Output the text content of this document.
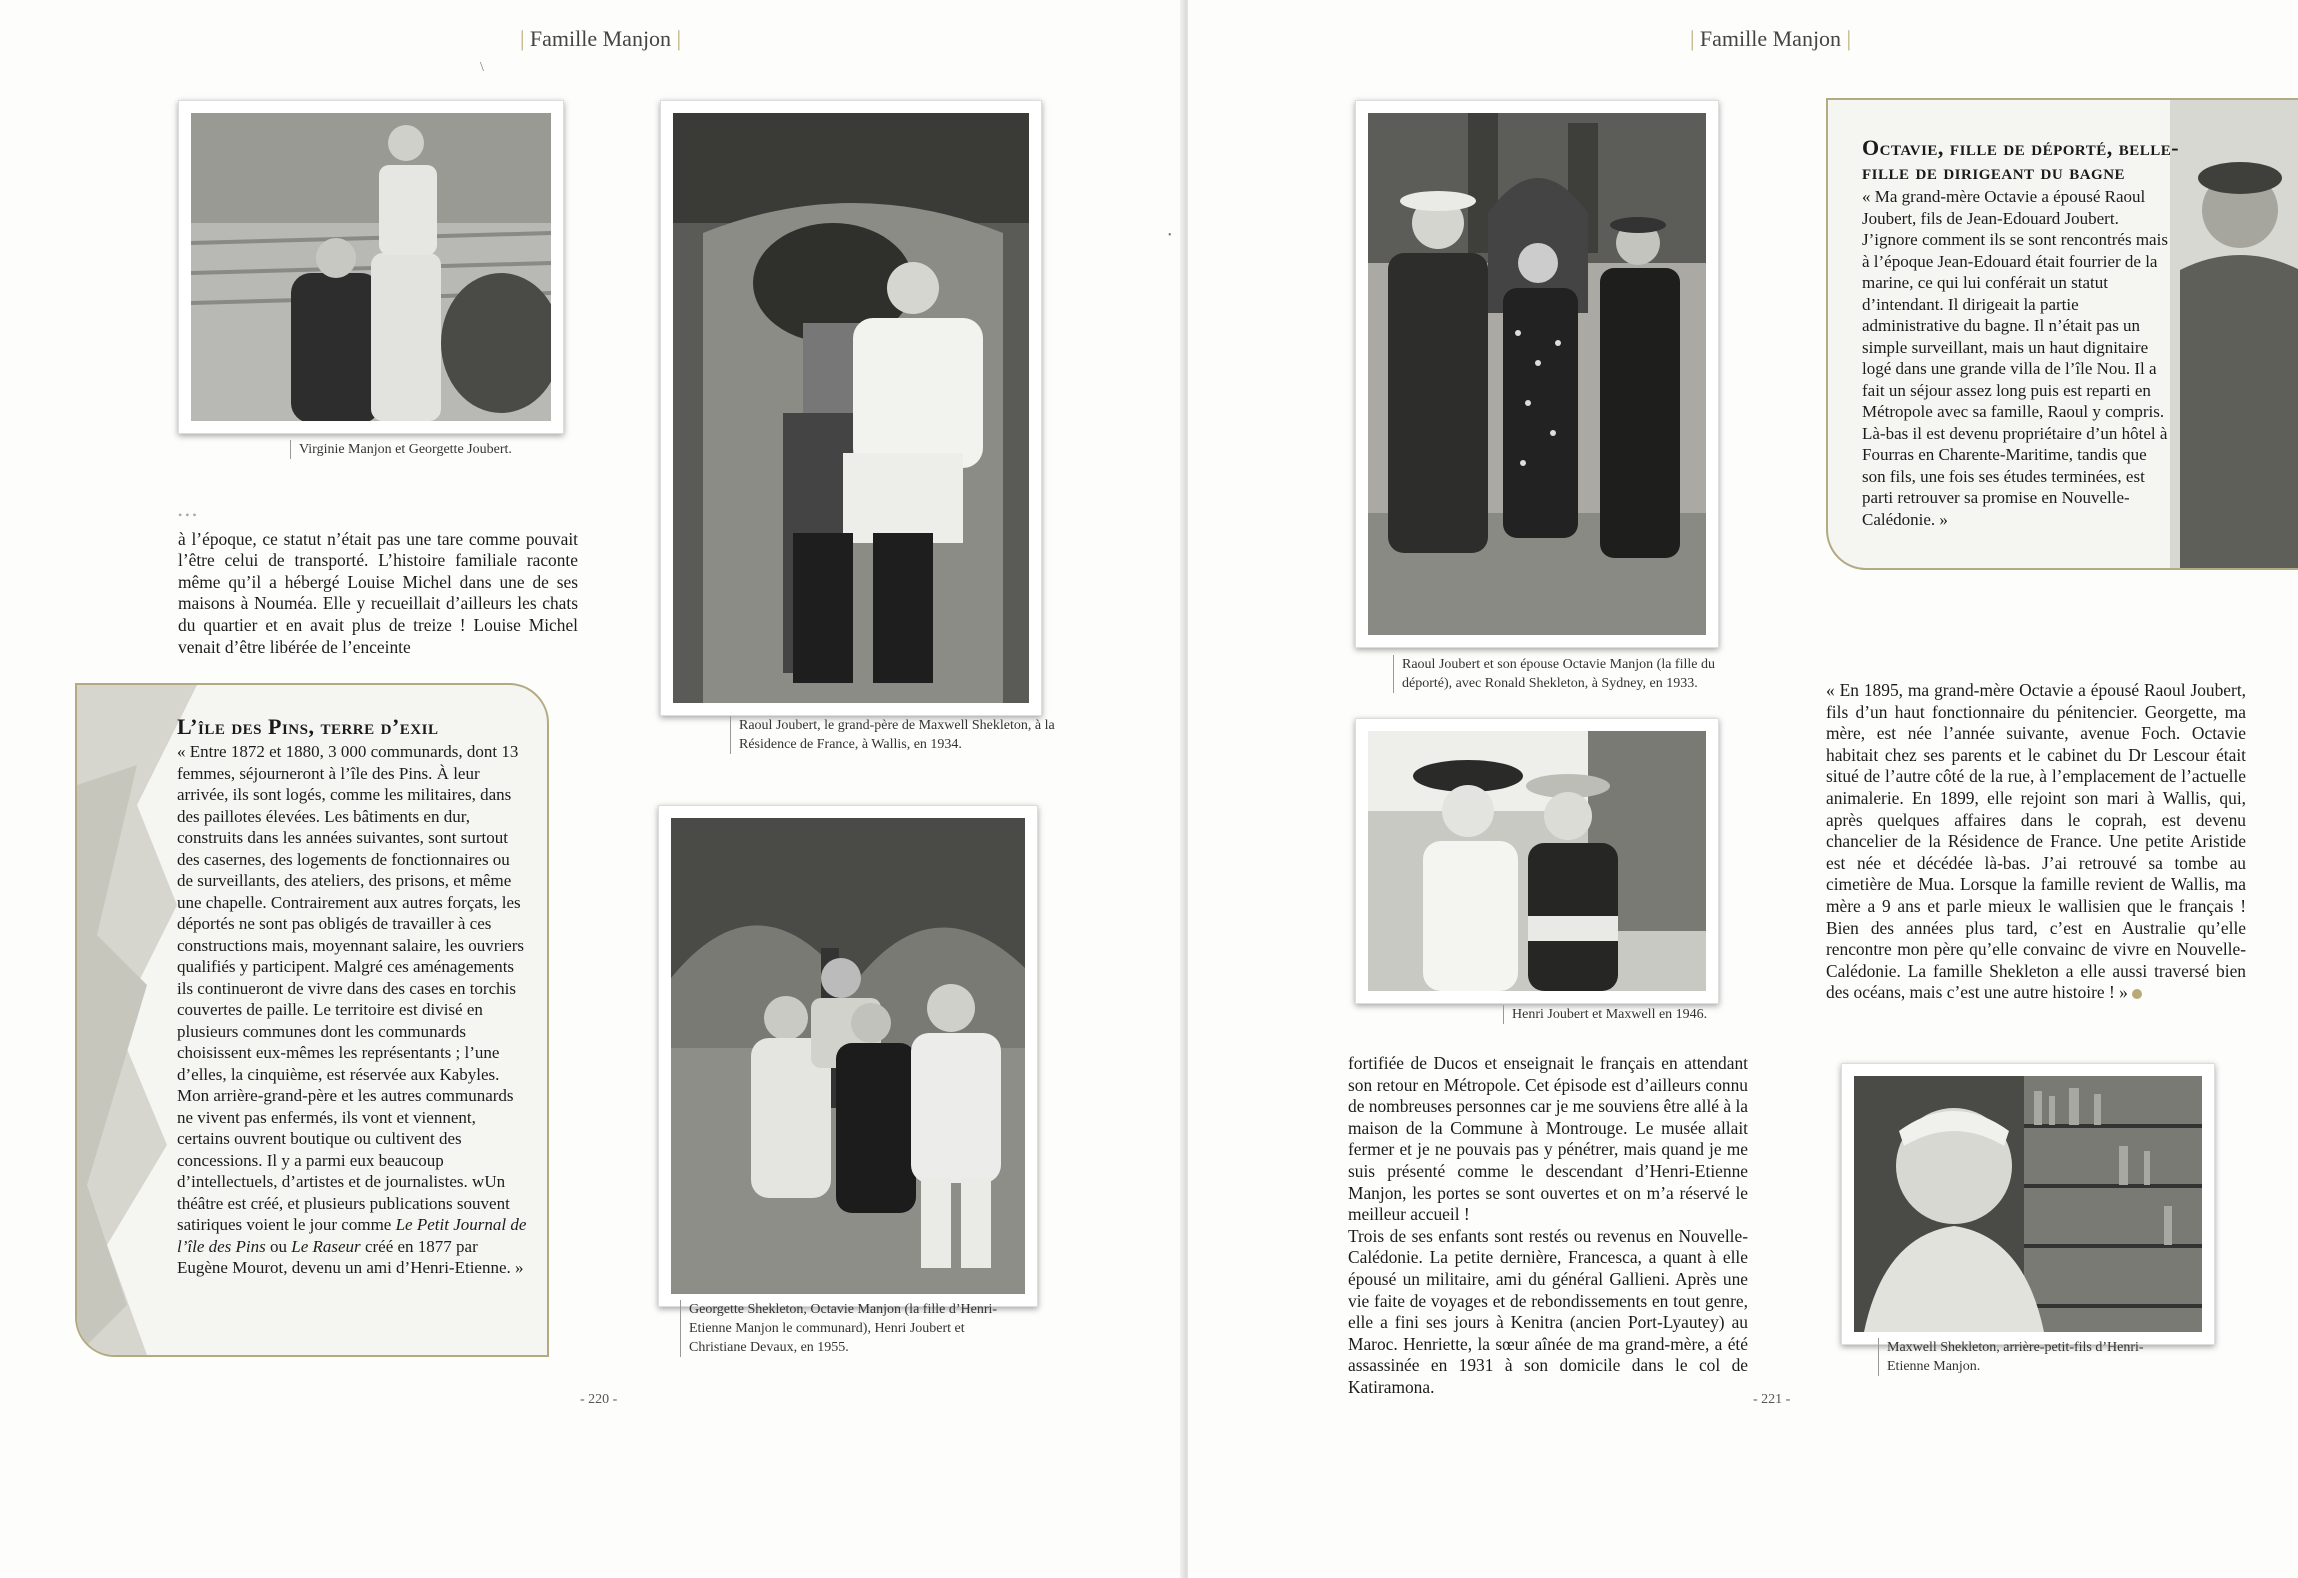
| Famille Manjon |
\
Virginie Manjon et Georgette Joubert.
Raoul Joubert, le grand-père de Maxwell Shekleton, à la Résidence de France, à Wallis, en 1934.
• • •

à l’époque, ce statut n’était pas une tare comme pouvait l’être celui de transporté. L’histoire familiale raconte même qu’il a hébergé Louise Michel dans une de ses maisons à Nouméa. Elle y recueillait d’ailleurs les chats du quartier et en avait plus de treize ! Louise Michel venait d’être libérée de l’enceinte

L’île des Pins, terre d’exil

« Entre 1872 et 1880, 3 000 communards, dont 13 femmes, séjourneront à l’île des Pins. À leur arrivée, ils sont logés, comme les militaires, dans des paillotes élevées. Les bâtiments en dur, construits dans les années suivantes, sont surtout des casernes, des logements de fonctionnaires ou de surveillants, des ateliers, des prisons, et même une chapelle. Contrairement aux autres forçats, les déportés ne sont pas obligés de travailler à ces constructions mais, moyennant salaire, les ouvriers qualifiés y participent. Malgré ces aménagements ils continueront de vivre dans des cases en torchis couvertes de paille. Le territoire est divisé en plusieurs communes dont les communards choisissent eux-mêmes les représentants ; l’une d’elles, la cinquième, est réservée aux Kabyles.
Mon arrière-grand-père et les autres communards ne vivent pas enfermés, ils vont et viennent, certains ouvrent boutique ou cultivent des concessions. Il y a parmi eux beaucoup d’intellectuels, d’artistes et de journalistes. wUn théâtre est créé, et plusieurs publications souvent satiriques voient le jour comme Le Petit Journal de l’île des Pins ou Le Raseur créé en 1877 par Eugène Mourot, devenu un ami d’Henri-Etienne. »

Georgette Shekleton, Octavie Manjon (la fille d’Henri-Etienne Manjon le communard), Henri Joubert et Christiane Devaux, en 1955.
- 220 -
| Famille Manjon |
•
Raoul Joubert et son épouse Octavie Manjon (la fille du déporté), avec Ronald Shekleton, à Sydney, en 1933.

Octavie, fille de déporté, belle-fille de dirigeant du bagne

« Ma grand-mère Octavie a épousé Raoul Joubert, fils de Jean-Edouard Joubert. J’ignore comment ils se sont rencontrés mais à l’époque Jean-Edouard était fourrier de la marine, ce qui lui conférait un statut d’intendant. Il dirigeait la partie administrative du bagne. Il n’était pas un simple surveillant, mais un haut dignitaire logé dans une grande villa de l’île Nou. Il a fait un séjour assez long puis est reparti en Métropole avec sa famille, Raoul y compris. Là-bas il est devenu propriétaire d’un hôtel à Fourras en Charente-Maritime, tandis que son fils, une fois ses études terminées, est parti retrouver sa promise en Nouvelle-Calédonie. »

Henri Joubert et Maxwell en 1946.

« En 1895, ma grand-mère Octavie a épousé Raoul Joubert, fils d’un haut fonctionnaire du pénitencier. Georgette, ma mère, est née l’année suivante, avenue Foch. Octavie habitait chez ses parents et le cabinet du Dr Lescour était situé de l’autre côté de la rue, à l’emplacement de l’actuelle animalerie. En 1899, elle rejoint son mari à Wallis, qui, après quelques affaires dans le coprah, est devenu chancelier de la Résidence de France. Une petite Aristide est née et décédée là-bas. J’ai retrouvé sa tombe au cimetière de Mua. Lorsque la famille revient de Wallis, ma mère a 9 ans et parle mieux le wallisien que le français ! Bien des années plus tard, c’est en Australie qu’elle rencontre mon père qu’elle convainc de vivre en Nouvelle-Calédonie. La famille Shekleton a elle aussi traversé bien des océans, mais c’est une autre histoire ! »

fortifiée de Ducos et enseignait le français en attendant son retour en Métropole. Cet épisode est d’ailleurs connu de nombreuses personnes car je me souviens être allé à la maison de la Commune à Montrouge. Le musée allait fermer et je ne pouvais pas y pénétrer, mais quand je me suis présenté comme le descendant d’Henri-Etienne Manjon, les portes se sont ouvertes et on m’a réservé le meilleur accueil !

Trois de ses enfants sont restés ou revenus en Nouvelle-Calédonie. La petite dernière, Francesca, a quant à elle épousé un militaire, ami du général Gallieni. Après une vie faite de voyages et de rebondissements en tout genre, elle a fini ses jours à Kenitra (ancien Port-Lyautey) au Maroc. Henriette, la sœur aînée de ma grand-mère, a été assassinée en 1931 à son domicile dans le col de Katiramona.

Maxwell Shekleton, arrière-petit-fils d’Henri-Etienne Manjon.
- 221 -
